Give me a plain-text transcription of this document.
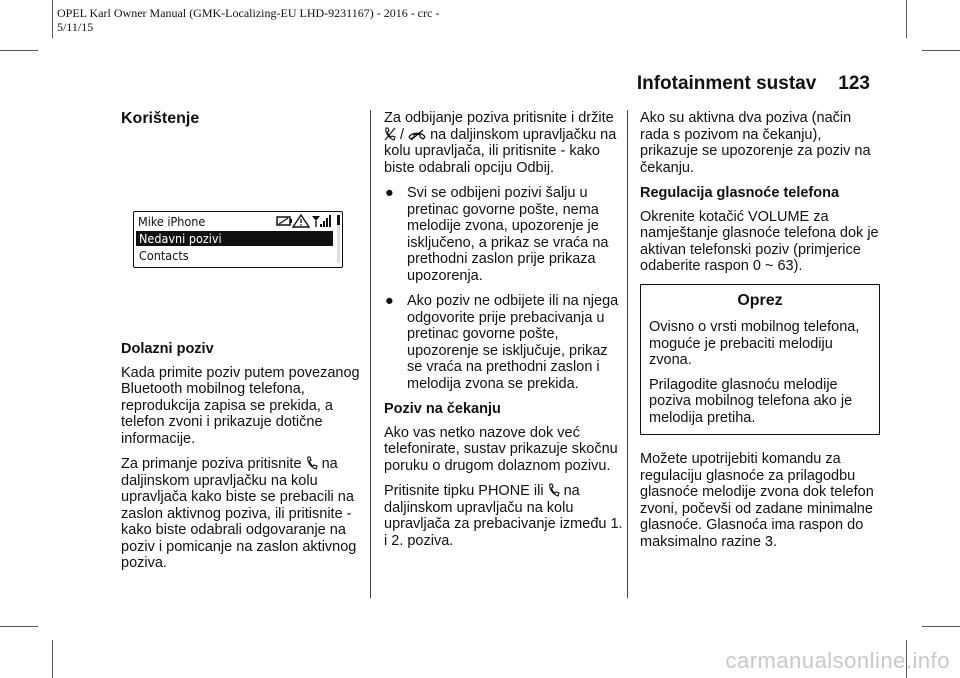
OPEL Karl Owner Manual (GMK-Localizing-EU LHD-9231167) - 2016 - crc -
5/11/15
Infotainment sustav 123
Korištenje
Mike iPhone
Nedavni pozivi
Contacts
Dolazni poziv

Kada primite poziv putem povezanog Bluetooth mobilnog telefona, reprodukcija zapisa se prekida, a telefon zvoni i prikazuje dotične informacije.

Za primanje poziva pritisnite  na daljinskom upravljačku na kolu upravljača kako biste se prebacili na zaslon aktivnog poziva, ili pritisnite - kako biste odabrali odgovaranje na poziv i pomicanje na zaslon aktivnog poziva.

Za odbijanje poziva pritisnite i držite  /  na daljinskom upravljačku na kolu upravljača, ili pritisnite - kako biste odabrali opciju Odbij.

● Svi se odbijeni pozivi šalju u pretinac govorne pošte, nema melodije zvona, upozorenje je isključeno, a prikaz se vraća na prethodni zaslon prije prikaza upozorenja.
● Ako poziv ne odbijete ili na njega odgovorite prije prebacivanja u pretinac govorne pošte, upozorenje se isključuje, prikaz se vraća na prethodni zaslon i melodija zvona se prekida.
Poziv na čekanju

Ako vas netko nazove dok već telefonirate, sustav prikazuje skočnu poruku o drugom dolaznom pozivu.

Pritisnite tipku PHONE ili  na daljinskom upravljaču na kolu upravljača za prebacivanje između 1. i 2. poziva.

Ako su aktivna dva poziva (način rada s pozivom na čekanju), prikazuje se upozorenje za poziv na čekanju.

Regulacija glasnoće telefona

Okrenite kotačić VOLUME za namještanje glasnoće telefona dok je aktivan telefonski poziv (primjerice odaberite raspon 0 ~ 63).

Oprez

Ovisno o vrsti mobilnog telefona, moguće je prebaciti melodiju zvona.

Prilagodite glasnoću melodije poziva mobilnog telefona ako je melodija pretiha.

Možete upotrijebiti komandu za regulaciju glasnoće za prilagodbu glasnoće melodije zvona dok telefon zvoni, počevši od zadane minimalne glasnoće. Glasnoća ima raspon do maksimalno razine 3.

carmanualsonline.info
